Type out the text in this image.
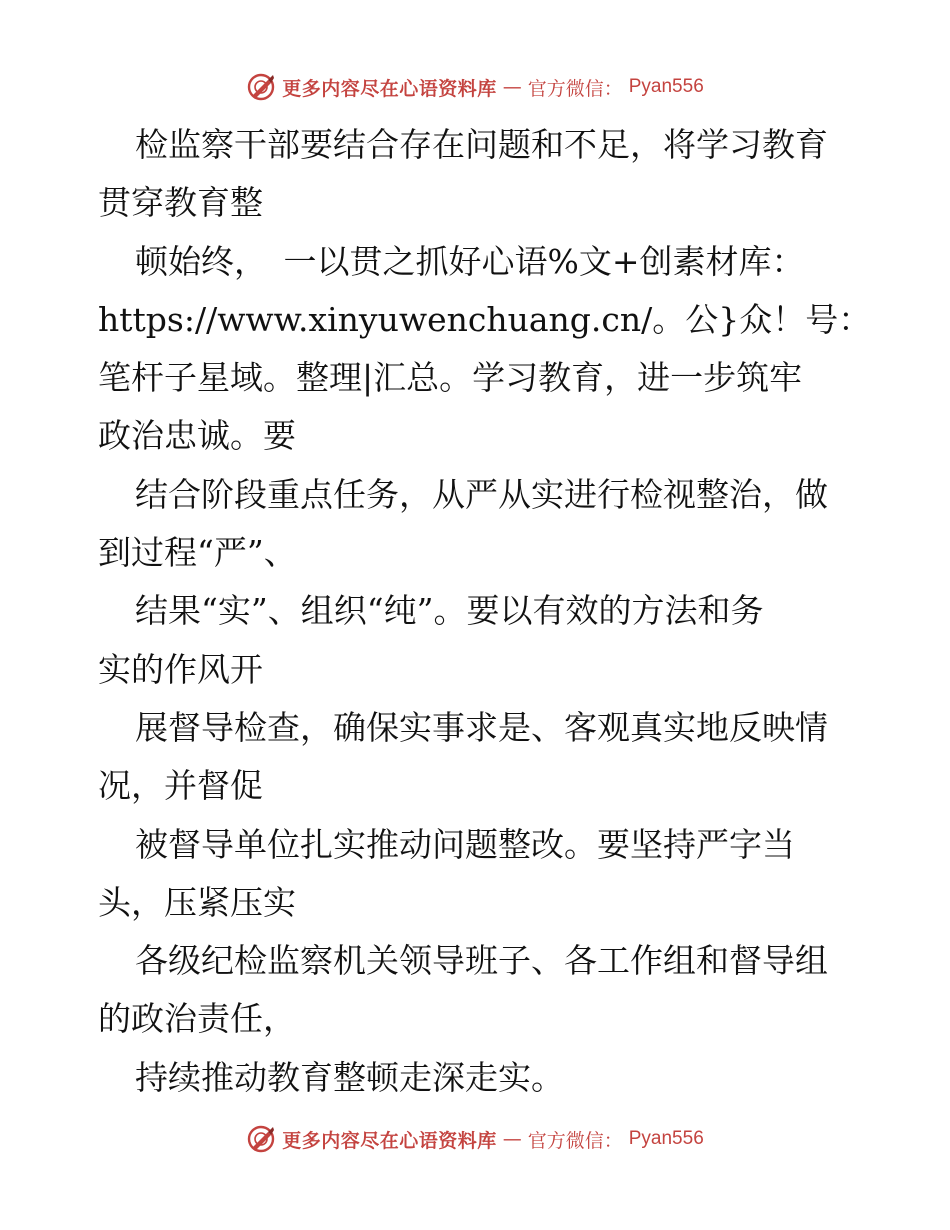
更多内容尽在心语资料库 — 官方微信： Pyan556
检监察干部要结合存在问题和不足，将学习教育
贯穿教育整
顿始终，　一以贯之抓好心语%文+创素材库：
https://www.xinyuwenchuang.cn/。公}众！号：
笔杆子星域。整理|汇总。学习教育，进一步筑牢
政治忠诚。要
结合阶段重点任务，从严从实进行检视整治，做
到过程“严”、
结果“实”、组织“纯”。要以有效的方法和务
实的作风开
展督导检查，确保实事求是、客观真实地反映情
况，并督促
被督导单位扎实推动问题整改。要坚持严字当
头，压紧压实
各级纪检监察机关领导班子、各工作组和督导组
的政治责任，
持续推动教育整顿走深走实。
更多内容尽在心语资料库 — 官方微信： Pyan556
